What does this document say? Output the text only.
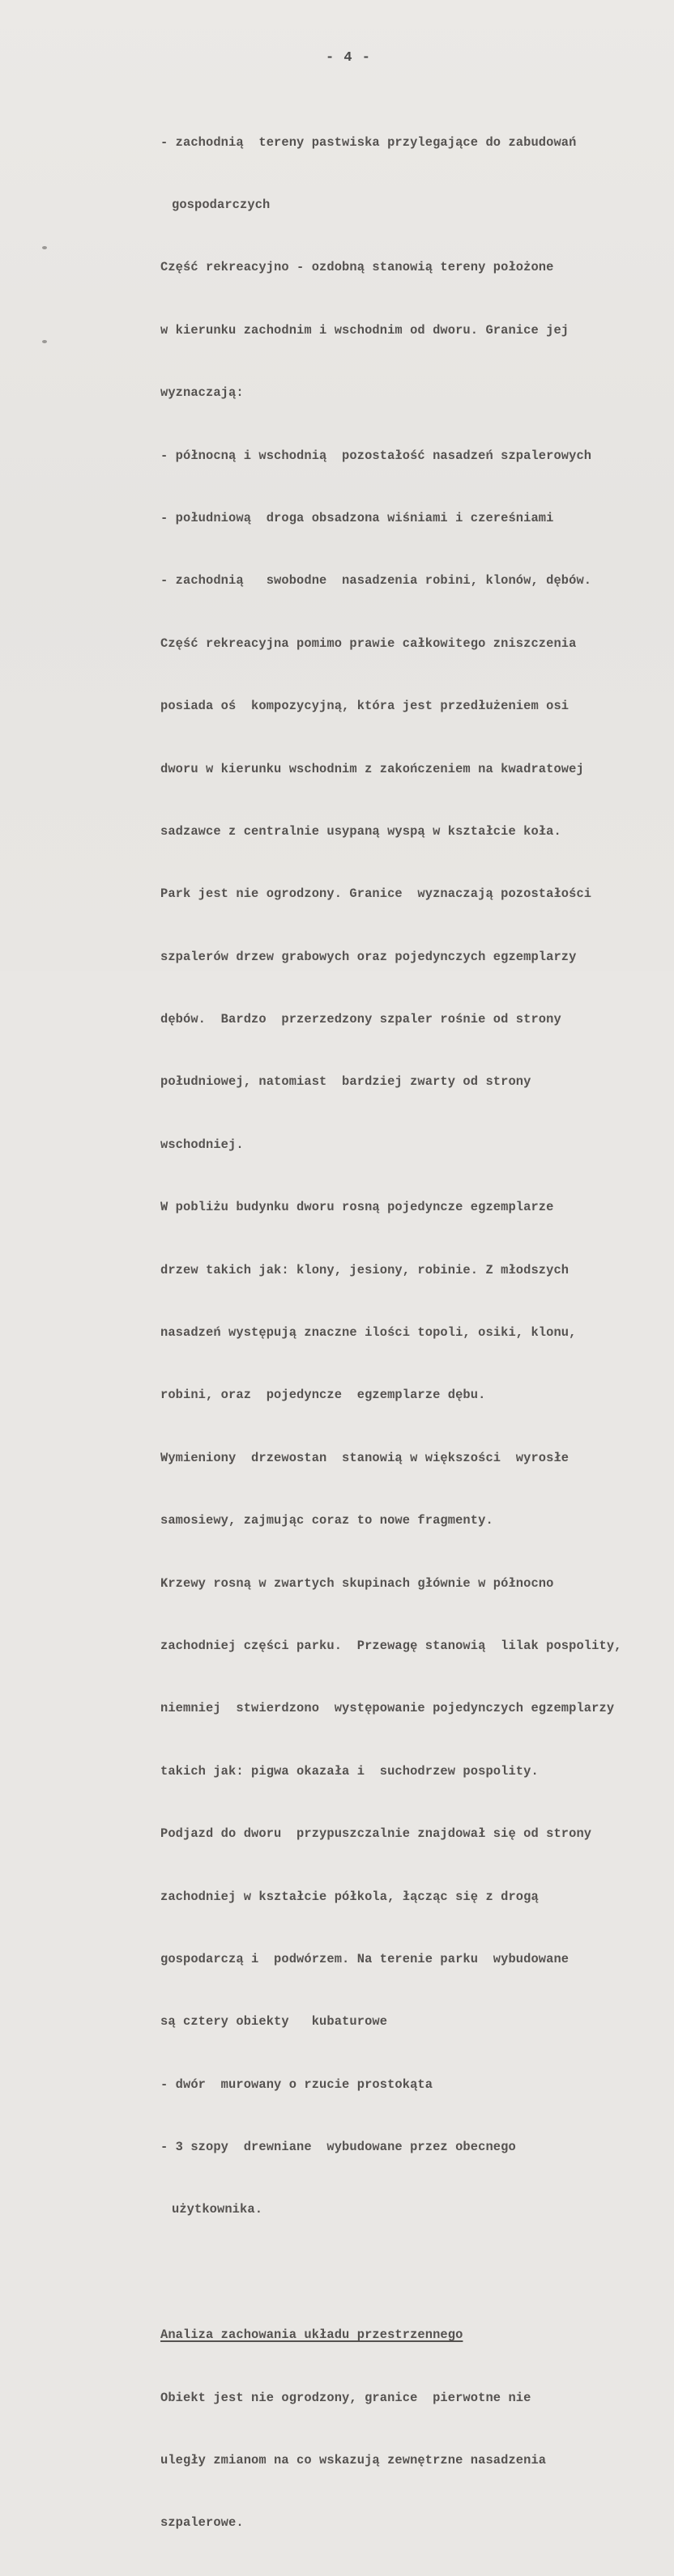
- 4 -

- zachodnią  tereny pastwiska przylegające do zabudowań

gospodarczych

Część rekreacyjno - ozdobną stanowią tereny położone

w kierunku zachodnim i wschodnim od dworu. Granice jej

wyznaczają:

- północną i wschodnią  pozostałość nasadzeń szpalerowych

- południową  droga obsadzona wiśniami i czereśniami

- zachodnią   swobodne  nasadzenia robini, klonów, dębów.

Część rekreacyjna pomimo prawie całkowitego zniszczenia

posiada oś  kompozycyjną, która jest przedłużeniem osi

dworu w kierunku wschodnim z zakończeniem na kwadratowej

sadzawce z centralnie usypaną wyspą w kształcie koła.

Park jest nie ogrodzony. Granice  wyznaczają pozostałości

szpalerów drzew grabowych oraz pojedynczych egzemplarzy

dębów.  Bardzo  przerzedzony szpaler rośnie od strony

południowej, natomiast  bardziej zwarty od strony

wschodniej.

W pobliżu budynku dworu rosną pojedyncze egzemplarze

drzew takich jak: klony, jesiony, robinie. Z młodszych

nasadzeń występują znaczne ilości topoli, osiki, klonu,

robini, oraz  pojedyncze  egzemplarze dębu.

Wymieniony  drzewostan  stanowią w większości  wyrosłe

samosiewy, zajmując coraz to nowe fragmenty.

Krzewy rosną w zwartych skupinach głównie w północno

zachodniej części parku.  Przewagę stanowią  lilak pospolity,

niemniej  stwierdzono  występowanie pojedynczych egzemplarzy

takich jak: pigwa okazała i  suchodrzew pospolity.

Podjazd do dworu  przypuszczalnie znajdował się od strony

zachodniej w kształcie półkola, łącząc się z drogą

gospodarczą i  podwórzem. Na terenie parku  wybudowane

są cztery obiekty   kubaturowe

- dwór  murowany o rzucie prostokąta

- 3 szopy  drewniane  wybudowane przez obecnego

użytkownika.

Analiza zachowania układu przestrzennego

Obiekt jest nie ogrodzony, granice  pierwotne nie

uległy zmianom na co wskazują zewnętrzne nasadzenia

szpalerowe.
